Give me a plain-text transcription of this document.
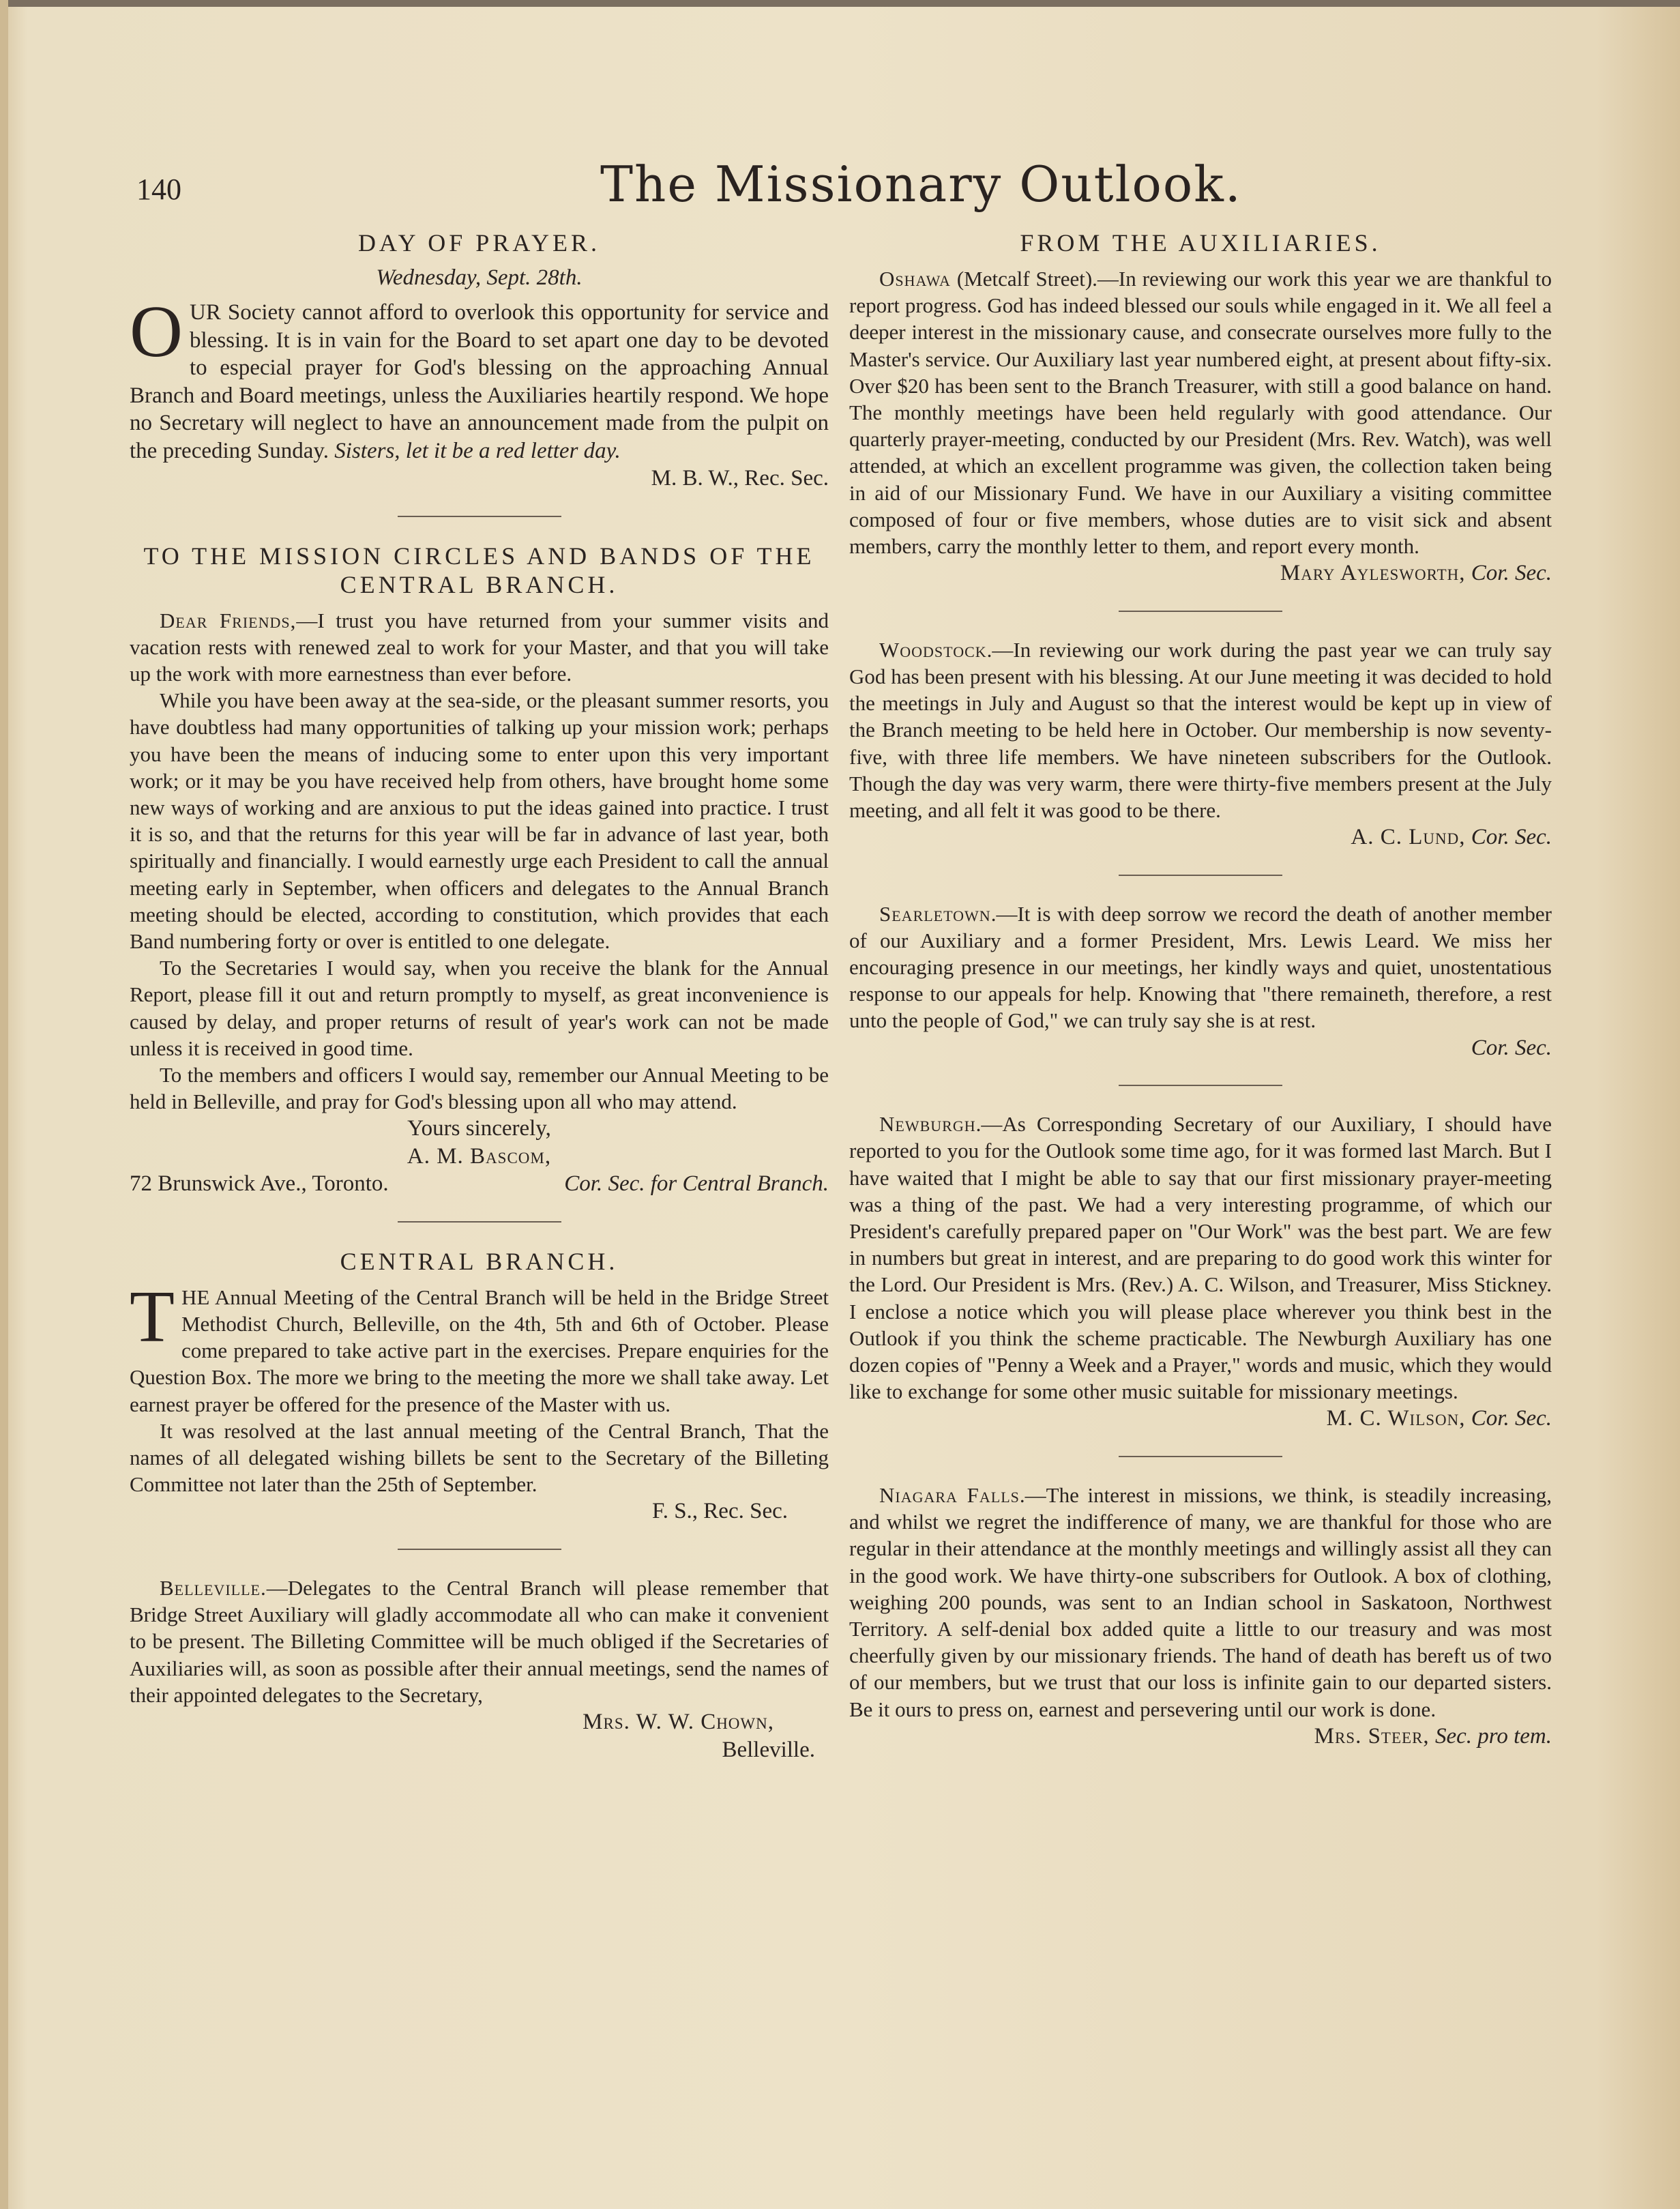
140	The Missionary Outlook.
DAY OF PRAYER.
Wednesday, Sept. 28th.

OUR Society cannot afford to overlook this opportunity for service and blessing. It is in vain for the Board to set apart one day to be devoted to especial prayer for God's blessing on the approaching Annual Branch and Board meetings, unless the Auxiliaries heartily respond. We hope no Secretary will neglect to have an announcement made from the pulpit on the preceding Sunday. Sisters, let it be a red letter day.

M. B. W., Rec. Sec.
TO THE MISSION CIRCLES AND BANDS OF THE CENTRAL BRANCH.

Dear Friends,—I trust you have returned from your summer visits and vacation rests with renewed zeal to work for your Master, and that you will take up the work with more earnestness than ever before.

While you have been away at the sea-side, or the pleasant summer resorts, you have doubtless had many opportunities of talking up your mission work; perhaps you have been the means of inducing some to enter upon this very important work; or it may be you have received help from others, have brought home some new ways of working and are anxious to put the ideas gained into practice. I trust it is so, and that the returns for this year will be far in advance of last year, both spiritually and financially. I would earnestly urge each President to call the annual meeting early in September, when officers and delegates to the Annual Branch meeting should be elected, according to constitution, which provides that each Band numbering forty or over is entitled to one delegate.

To the Secretaries I would say, when you receive the blank for the Annual Report, please fill it out and return promptly to myself, as great inconvenience is caused by delay, and proper returns of result of year's work can not be made unless it is received in good time.

To the members and officers I would say, remember our Annual Meeting to be held in Belleville, and pray for God's blessing upon all who may attend.

Yours sincerely,
A. M. Bascom,
72 Brunswick Ave., Toronto.	Cor. Sec. for Central Branch.
CENTRAL BRANCH.

THE Annual Meeting of the Central Branch will be held in the Bridge Street Methodist Church, Belleville, on the 4th, 5th and 6th of October. Please come prepared to take active part in the exercises. Prepare enquiries for the Question Box. The more we bring to the meeting the more we shall take away. Let earnest prayer be offered for the presence of the Master with us.

It was resolved at the last annual meeting of the Central Branch, That the names of all delegated wishing billets be sent to the Secretary of the Billeting Committee not later than the 25th of September.

F. S., Rec. Sec.

Belleville.—Delegates to the Central Branch will please remember that Bridge Street Auxiliary will gladly accommodate all who can make it convenient to be present. The Billeting Committee will be much obliged if the Secretaries of Auxiliaries will, as soon as possible after their annual meetings, send the names of their appointed delegates to the Secretary,

Mrs. W. W. Chown,
Belleville.
FROM THE AUXILIARIES.

Oshawa (Metcalf Street).—In reviewing our work this year we are thankful to report progress. God has indeed blessed our souls while engaged in it. We all feel a deeper interest in the missionary cause, and consecrate ourselves more fully to the Master's service. Our Auxiliary last year numbered eight, at present about fifty-six. Over $20 has been sent to the Branch Treasurer, with still a good balance on hand. The monthly meetings have been held regularly with good attendance. Our quarterly prayer-meeting, conducted by our President (Mrs. Rev. Watch), was well attended, at which an excellent programme was given, the collection taken being in aid of our Missionary Fund. We have in our Auxiliary a visiting committee composed of four or five members, whose duties are to visit sick and absent members, carry the monthly letter to them, and report every month.

Mary Aylesworth, Cor. Sec.

Woodstock.—In reviewing our work during the past year we can truly say God has been present with his blessing. At our June meeting it was decided to hold the meetings in July and August so that the interest would be kept up in view of the Branch meeting to be held here in October. Our membership is now seventy-five, with three life members. We have nineteen subscribers for the Outlook. Though the day was very warm, there were thirty-five members present at the July meeting, and all felt it was good to be there.

A. C. Lund, Cor. Sec.

Searletown.—It is with deep sorrow we record the death of another member of our Auxiliary and a former President, Mrs. Lewis Leard. We miss her encouraging presence in our meetings, her kindly ways and quiet, unostentatious response to our appeals for help. Knowing that "there remaineth, therefore, a rest unto the people of God," we can truly say she is at rest.

Cor. Sec.

Newburgh.—As Corresponding Secretary of our Auxiliary, I should have reported to you for the Outlook some time ago, for it was formed last March. But I have waited that I might be able to say that our first missionary prayer-meeting was a thing of the past. We had a very interesting programme, of which our President's carefully prepared paper on "Our Work" was the best part. We are few in numbers but great in interest, and are preparing to do good work this winter for the Lord. Our President is Mrs. (Rev.) A. C. Wilson, and Treasurer, Miss Stickney. I enclose a notice which you will please place wherever you think best in the Outlook if you think the scheme practicable. The Newburgh Auxiliary has one dozen copies of "Penny a Week and a Prayer," words and music, which they would like to exchange for some other music suitable for missionary meetings.

M. C. Wilson, Cor. Sec.

Niagara Falls.—The interest in missions, we think, is steadily increasing, and whilst we regret the indifference of many, we are thankful for those who are regular in their attendance at the monthly meetings and willingly assist all they can in the good work. We have thirty-one subscribers for Outlook. A box of clothing, weighing 200 pounds, was sent to an Indian school in Saskatoon, Northwest Territory. A self-denial box added quite a little to our treasury and was most cheerfully given by our missionary friends. The hand of death has bereft us of two of our members, but we trust that our loss is infinite gain to our departed sisters. Be it ours to press on, earnest and persevering until our work is done.

Mrs. Steer, Sec. pro tem.
